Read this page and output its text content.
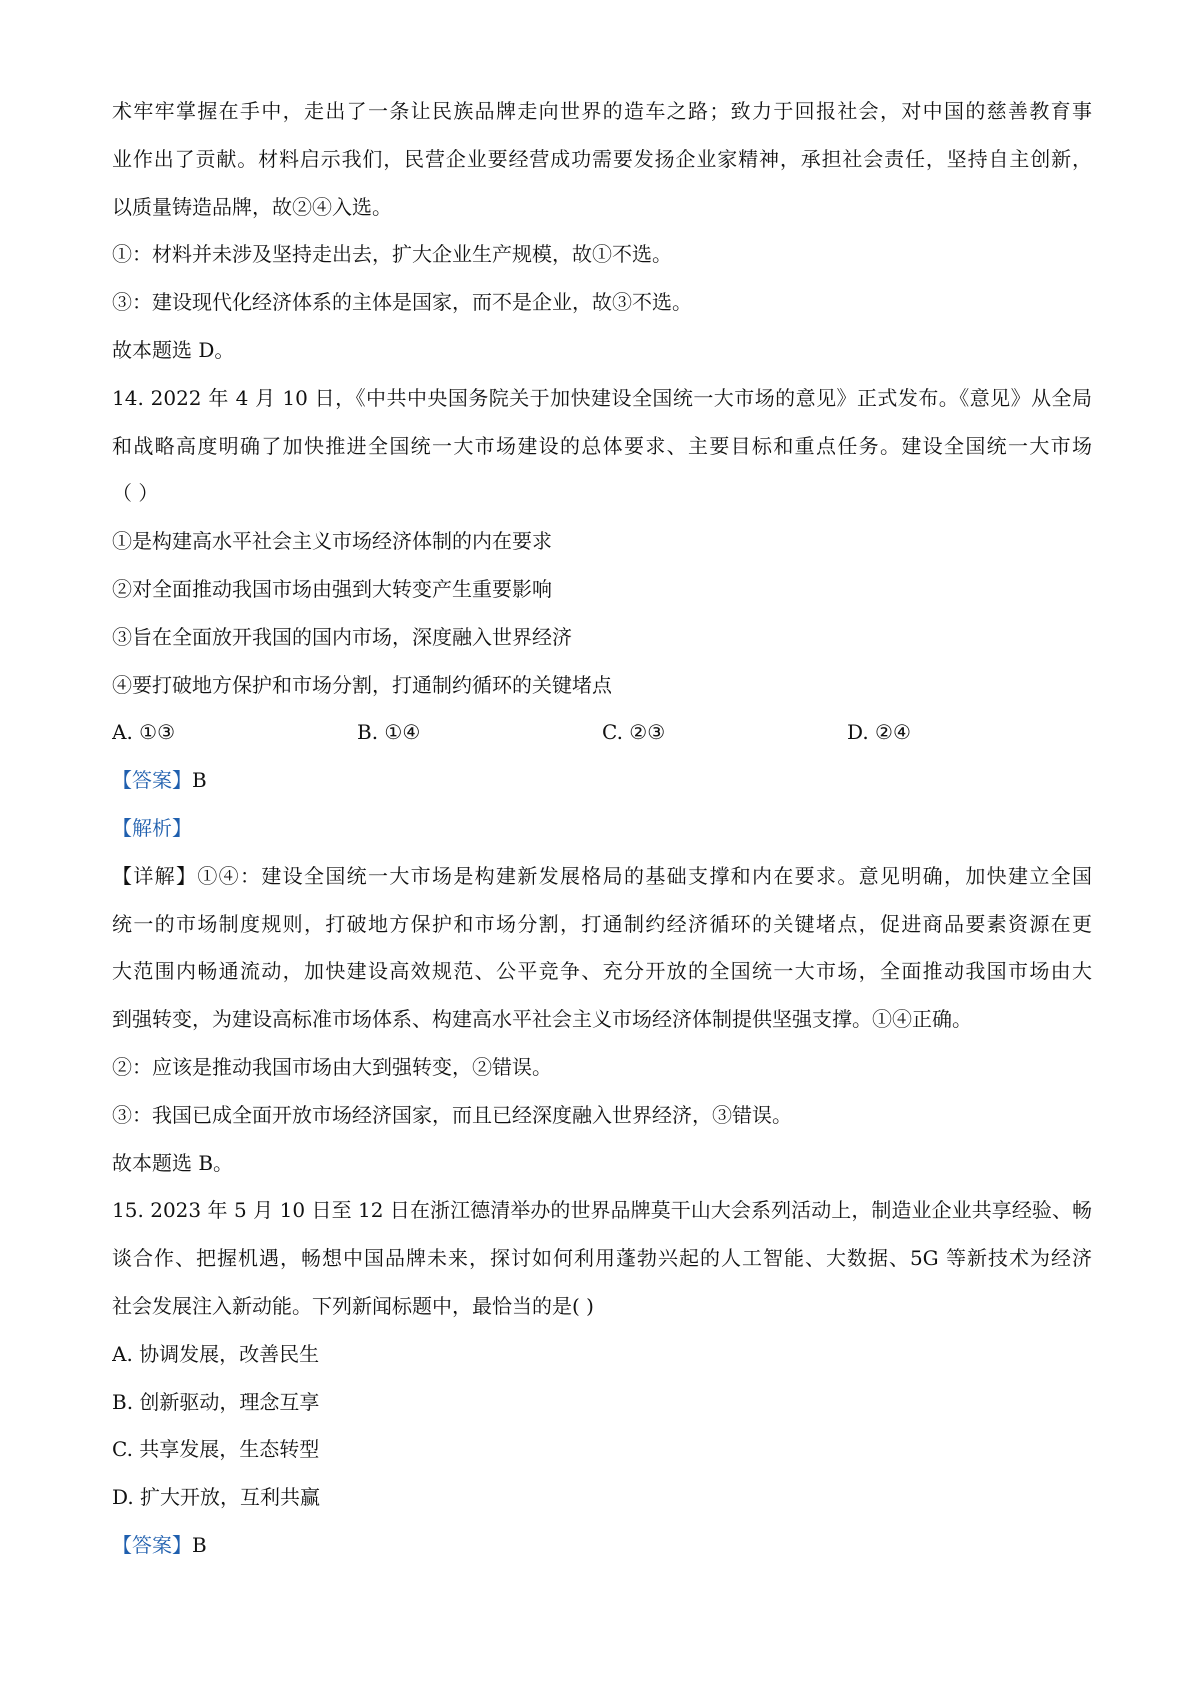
术牢牢掌握在手中，走出了一条让民族品牌走向世界的造车之路；致力于回报社会，对中国的慈善教育事
业作出了贡献。材料启示我们，民营企业要经营成功需要发扬企业家精神，承担社会责任，坚持自主创新，
以质量铸造品牌，故②④入选。
①：材料并未涉及坚持走出去，扩大企业生产规模，故①不选。
③：建设现代化经济体系的主体是国家，而不是企业，故③不选。
故本题选 D。
14. 2022 年 4 月 10 日，《中共中央国务院关于加快建设全国统一大市场的意见》正式发布。《意见》从全局
和战略高度明确了加快推进全国统一大市场建设的总体要求、主要目标和重点任务。建设全国统一大市场
（ ）
①是构建高水平社会主义市场经济体制的内在要求
②对全面推动我国市场由强到大转变产生重要影响
③旨在全面放开我国的国内市场，深度融入世界经济
④要打破地方保护和市场分割，打通制约循环的关键堵点
A. ①③	B. ①④	C. ②③	D. ②④
【答案】B
【解析】
【详解】①④：建设全国统一大市场是构建新发展格局的基础支撑和内在要求。意见明确，加快建立全国
统一的市场制度规则，打破地方保护和市场分割，打通制约经济循环的关键堵点，促进商品要素资源在更
大范围内畅通流动，加快建设高效规范、公平竞争、充分开放的全国统一大市场，全面推动我国市场由大
到强转变，为建设高标准市场体系、构建高水平社会主义市场经济体制提供坚强支撑。①④正确。
②：应该是推动我国市场由大到强转变，②错误。
③：我国已成全面开放市场经济国家，而且已经深度融入世界经济，③错误。
故本题选 B。
15. 2023 年 5 月 10 日至 12 日在浙江德清举办的世界品牌莫干山大会系列活动上，制造业企业共享经验、畅
谈合作、把握机遇，畅想中国品牌未来，探讨如何利用蓬勃兴起的人工智能、大数据、5G 等新技术为经济
社会发展注入新动能。下列新闻标题中，最恰当的是( )
A. 协调发展，改善民生
B. 创新驱动，理念互享
C. 共享发展，生态转型
D. 扩大开放，互利共赢
【答案】B
